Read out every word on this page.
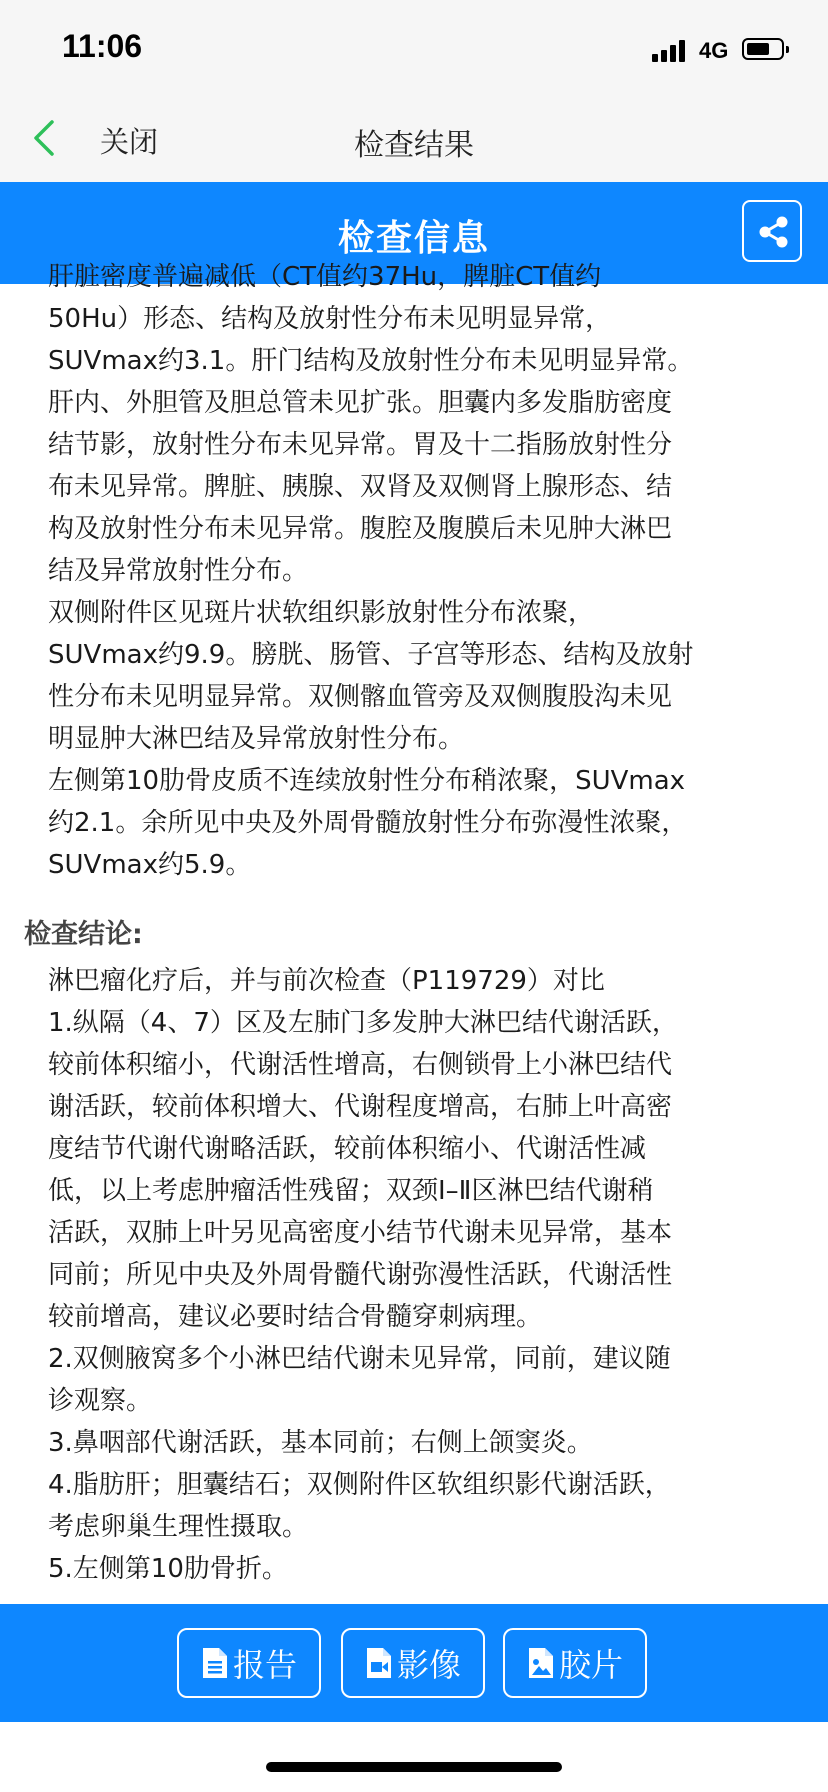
11:06	4G
关闭	检查结果
检查信息
肝脏密度普遍减低（CT值约37Hu，脾脏CT值约
50Hu）形态、结构及放射性分布未见明显异常，
SUVmax约3.1。肝门结构及放射性分布未见明显异常。
肝内、外胆管及胆总管未见扩张。胆囊内多发脂肪密度
结节影，放射性分布未见异常。胃及十二指肠放射性分
布未见异常。脾脏、胰腺、双肾及双侧肾上腺形态、结
构及放射性分布未见异常。腹腔及腹膜后未见肿大淋巴
结及异常放射性分布。
双侧附件区见斑片状软组织影放射性分布浓聚，
SUVmax约9.9。膀胱、肠管、子宫等形态、结构及放射
性分布未见明显异常。双侧髂血管旁及双侧腹股沟未见
明显肿大淋巴结及异常放射性分布。
左侧第10肋骨皮质不连续放射性分布稍浓聚，SUVmax
约2.1。余所见中央及外周骨髓放射性分布弥漫性浓聚，
SUVmax约5.9。
检查结论:
淋巴瘤化疗后，并与前次检查（P119729）对比
1.纵隔（4、7）区及左肺门多发肿大淋巴结代谢活跃，
较前体积缩小，代谢活性增高，右侧锁骨上小淋巴结代
谢活跃，较前体积增大、代谢程度增高，右肺上叶高密
度结节代谢代谢略活跃，较前体积缩小、代谢活性减
低，以上考虑肿瘤活性残留；双颈Ⅰ–Ⅱ区淋巴结代谢稍
活跃，双肺上叶另见高密度小结节代谢未见异常，基本
同前；所见中央及外周骨髓代谢弥漫性活跃，代谢活性
较前增高，建议必要时结合骨髓穿刺病理。
2.双侧腋窝多个小淋巴结代谢未见异常，同前，建议随
诊观察。
3.鼻咽部代谢活跃，基本同前；右侧上颌窦炎。
4.脂肪肝；胆囊结石；双侧附件区软组织影代谢活跃，
考虑卵巢生理性摄取。
5.左侧第10肋骨折。
报告	影像	胶片
